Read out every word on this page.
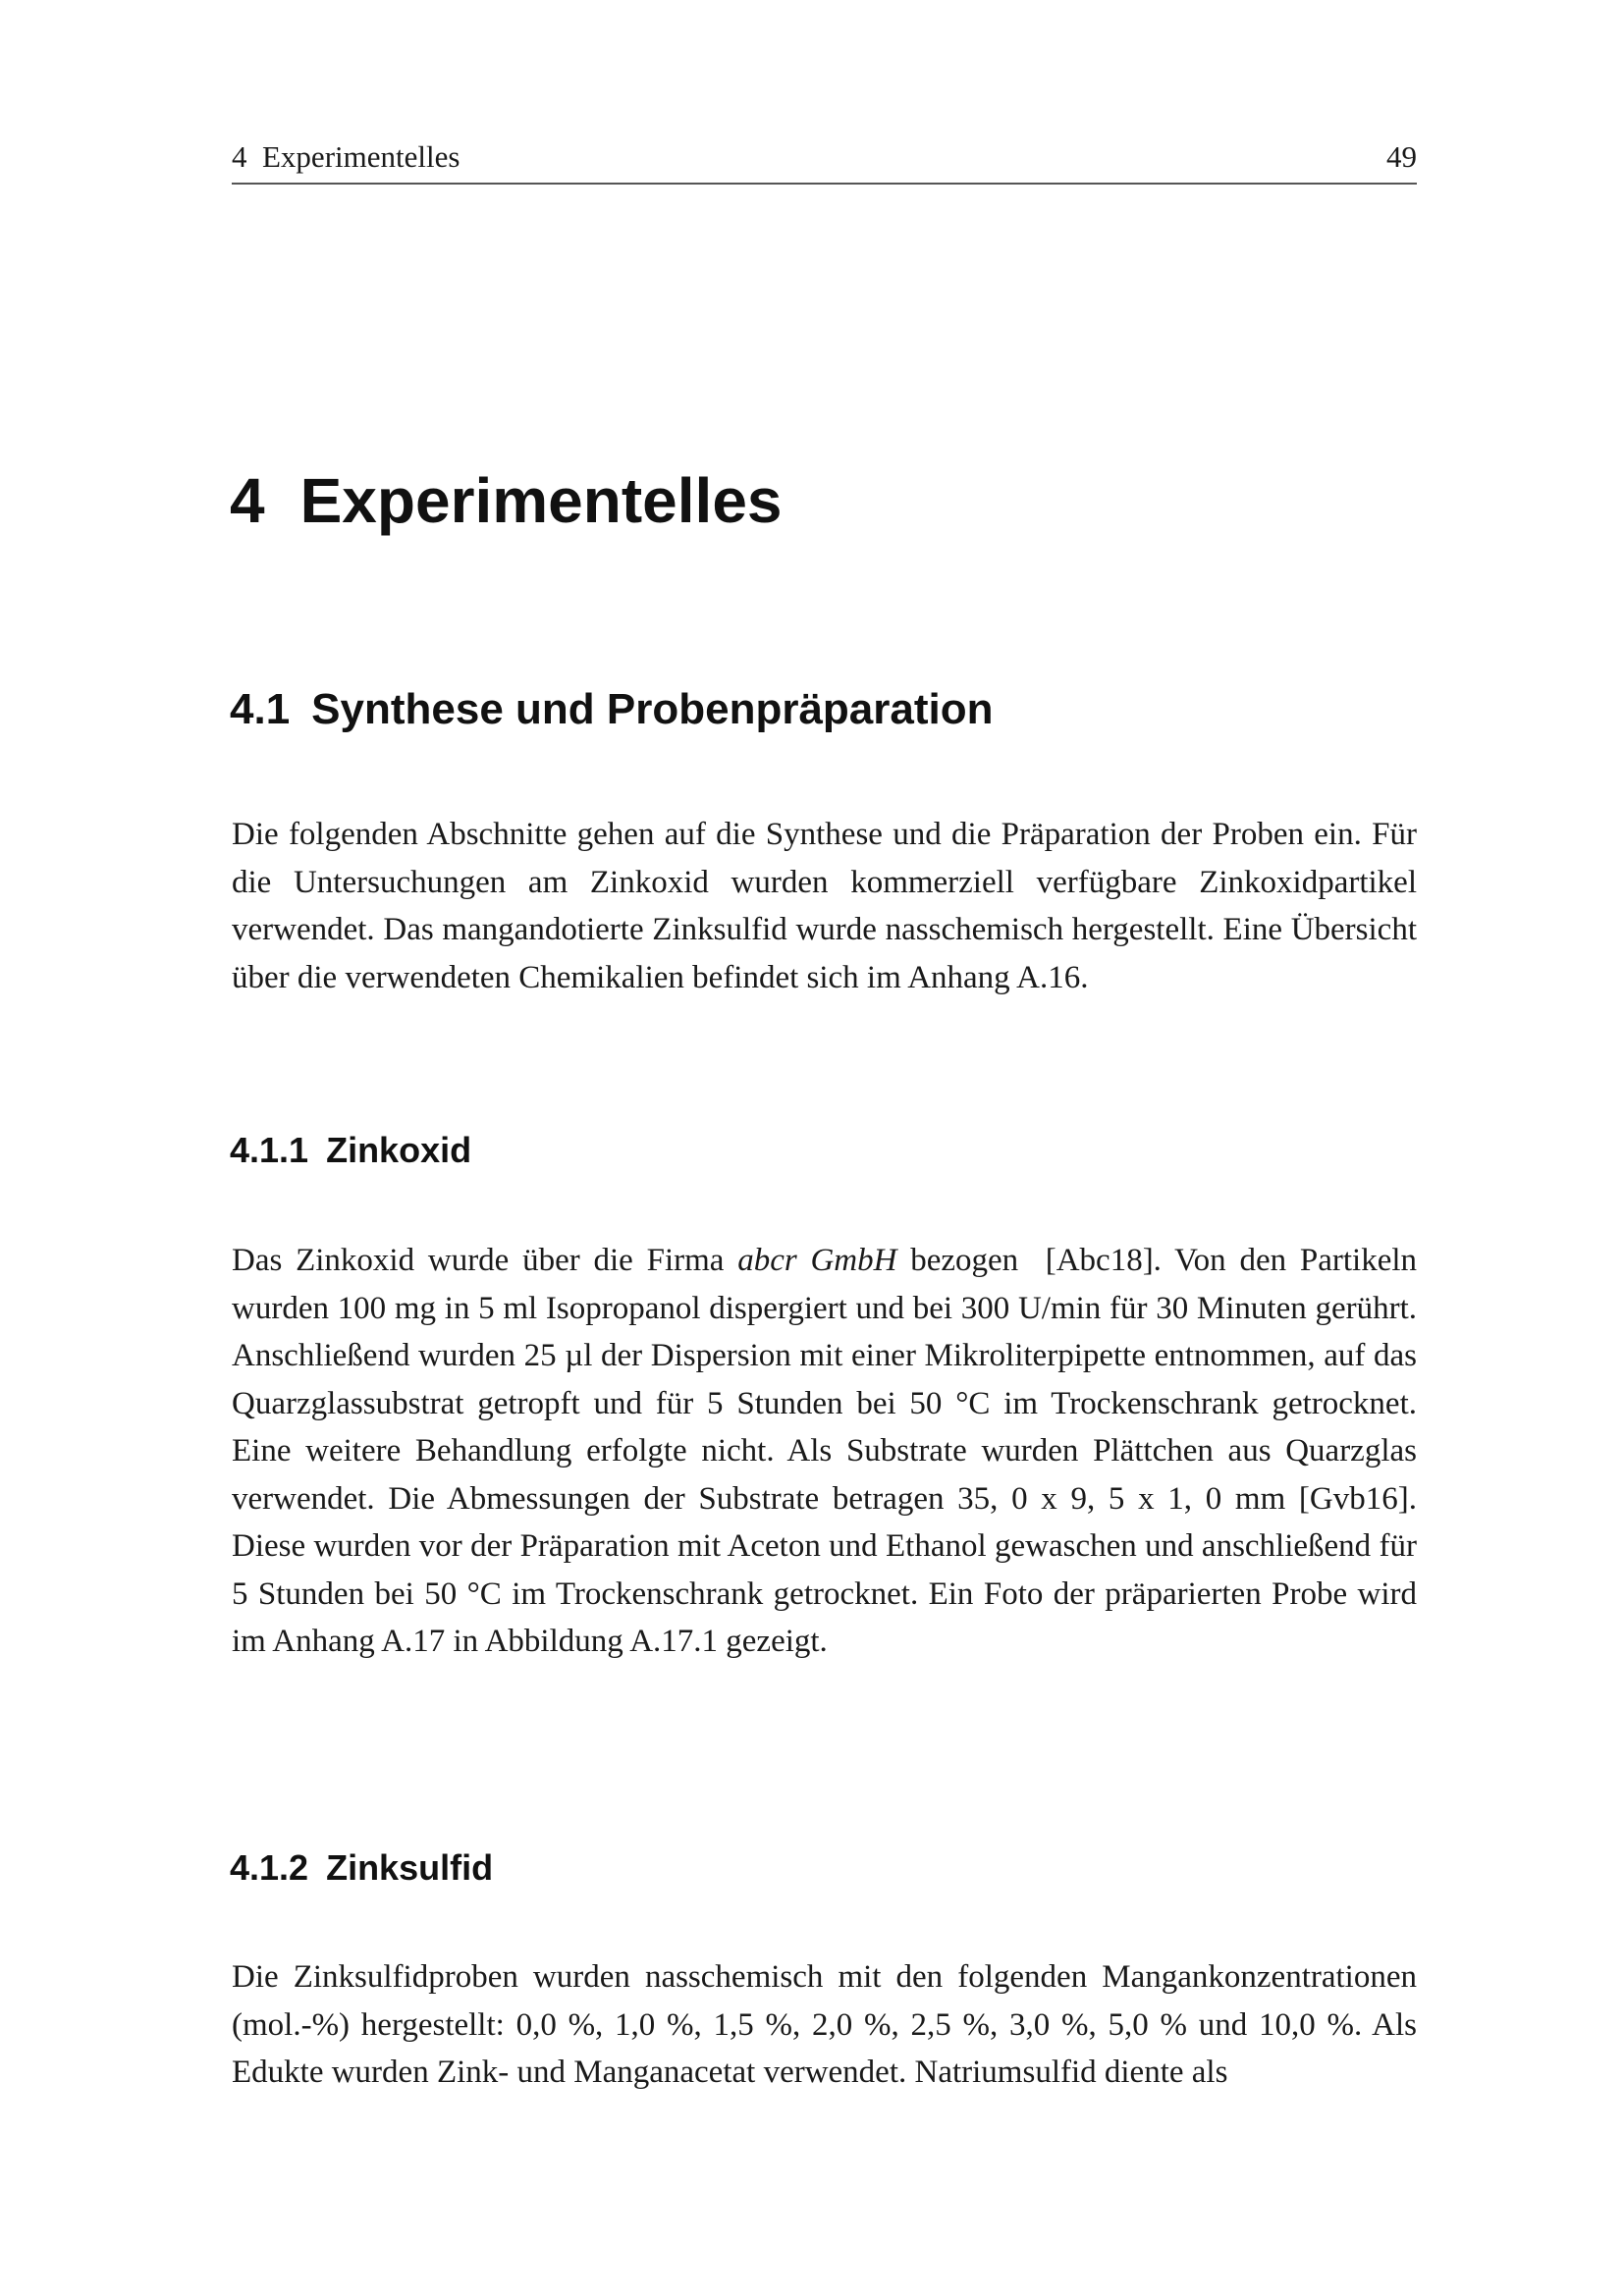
4  Experimentelles	49
4 Experimentelles
4.1 Synthese und Probenpräparation

Die folgenden Abschnitte gehen auf die Synthese und die Präparation der Proben ein. Für die Untersuchungen am Zinkoxid wurden kommerziell verfügbare Zinkoxidpartikel verwendet. Das mangandotierte Zinksulfid wurde nasschemisch hergestellt. Eine Übersicht über die verwendeten Chemikalien befindet sich im Anhang A.16.

4.1.1 Zinkoxid

Das Zinkoxid wurde über die Firma abcr GmbH bezogen  [Abc18]. Von den Partikeln wurden 100 mg in 5 ml Isopropanol dispergiert und bei 300 U/min für 30 Minuten gerührt. Anschließend wurden 25 µl der Dispersion mit einer Mikroliterpipette entnommen, auf das Quarzglassubstrat getropft und für 5 Stunden bei 50 °C im Trockenschrank getrocknet. Eine weitere Behandlung erfolgte nicht. Als Substrate wurden Plättchen aus Quarzglas verwendet. Die Abmessungen der Substrate betragen 35, 0 x 9, 5 x 1, 0 mm [Gvb16]. Diese wurden vor der Präparation mit Aceton und Ethanol gewaschen und anschließend für 5 Stunden bei 50 °C im Trockenschrank getrocknet. Ein Foto der präparierten Probe wird im Anhang A.17 in Abbildung A.17.1 gezeigt.

4.1.2 Zinksulfid

Die Zinksulfidproben wurden nasschemisch mit den folgenden Mangankonzentrationen (mol.-%) hergestellt: 0,0 %, 1,0 %, 1,5 %, 2,0 %, 2,5 %, 3,0 %, 5,0 % und 10,0 %. Als Edukte wurden Zink- und Manganacetat verwendet. Natriumsulfid diente als
